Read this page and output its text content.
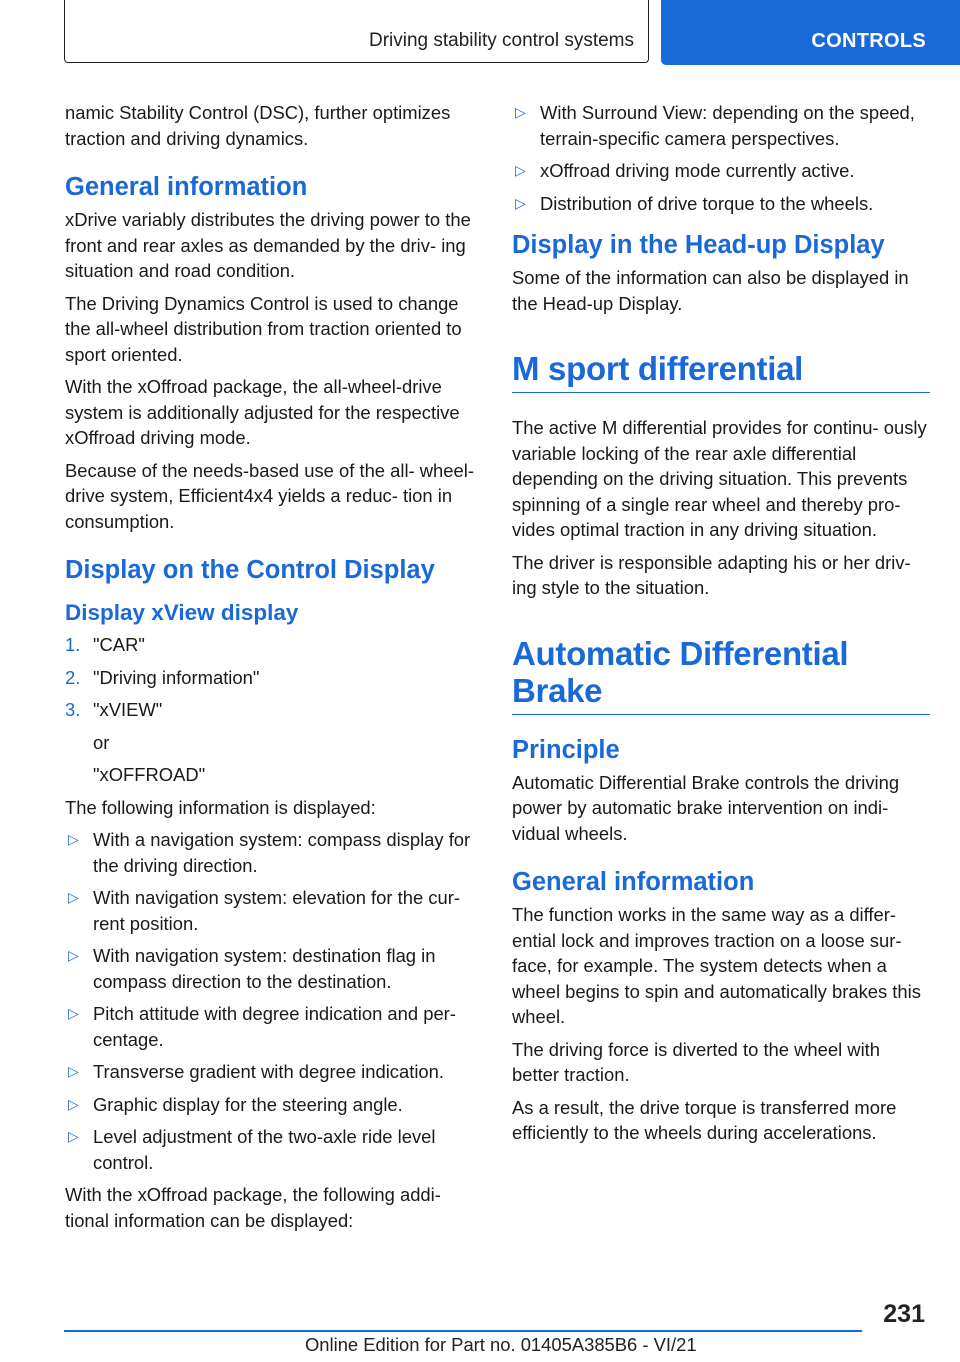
Driving stability control systems	CONTROLS

namic Stability Control (DSC), further optimizes traction and driving dynamics.

General information

xDrive variably distributes the driving power to the front and rear axles as demanded by the driv‐ ing situation and road condition.

The Driving Dynamics Control is used to change the all-wheel distribution from traction oriented to sport oriented.

With the xOffroad package, the all-wheel-drive system is additionally adjusted for the respective xOffroad driving mode.

Because of the needs-based use of the all- wheel-drive system, Efficient4x4 yields a reduc‐ tion in consumption.

Display on the Control Display
Display xView display
1. "CAR"
2. "Driving information"
3. "xVIEW"
or
"xOFFROAD"

The following information is displayed:

▷ With a navigation system: compass display for the driving direction.
▷ With navigation system: elevation for the cur‐ rent position.
▷ With navigation system: destination flag in compass direction to the destination.
▷ Pitch attitude with degree indication and per‐ centage.
▷ Transverse gradient with degree indication.
▷ Graphic display for the steering angle.
▷ Level adjustment of the two-axle ride level control.

With the xOffroad package, the following addi‐ tional information can be displayed:

▷ With Surround View: depending on the speed, terrain-specific camera perspectives.
▷ xOffroad driving mode currently active.
▷ Distribution of drive torque to the wheels.
Display in the Head-up Display

Some of the information can also be displayed in the Head-up Display.

M sport differential

The active M differential provides for continu‐ ously variable locking of the rear axle differential depending on the driving situation. This prevents spinning of a single rear wheel and thereby pro‐ vides optimal traction in any driving situation.

The driver is responsible adapting his or her driv‐ ing style to the situation.

Automatic Differential Brake
Principle

Automatic Differential Brake controls the driving power by automatic brake intervention on indi‐ vidual wheels.

General information

The function works in the same way as a differ‐ ential lock and improves traction on a loose sur‐ face, for example. The system detects when a wheel begins to spin and automatically brakes this wheel.

The driving force is diverted to the wheel with better traction.

As a result, the drive torque is transferred more efficiently to the wheels during accelerations.

231
Online Edition for Part no. 01405A385B6 - VI/21
